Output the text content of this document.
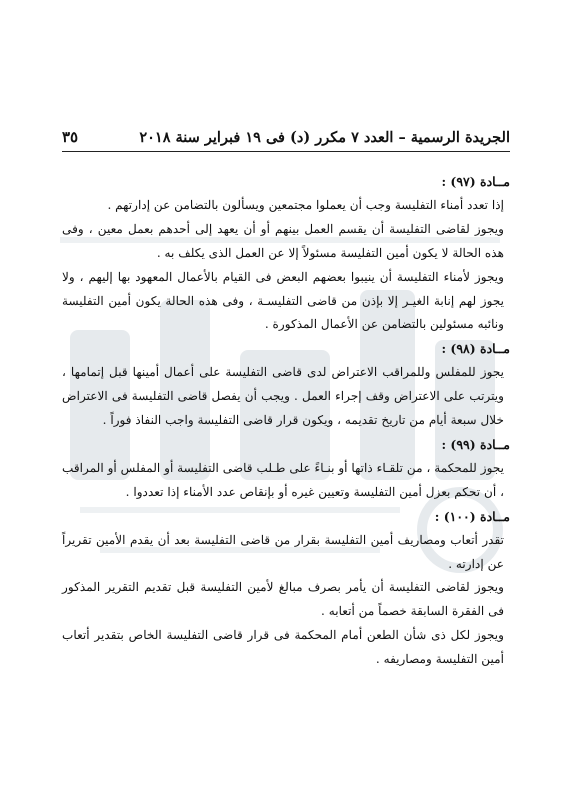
الجريدة الرسمية – العدد ٧ مكرر (د) فى ١٩ فبراير سنة ٢٠١٨
٣٥

مــادة (٩٧) :

إذا تعدد أمناء التفليسة وجب أن يعملوا مجتمعين ويسألون بالتضامن عن إدارتهم .

ويجوز لقاضى التفليسة أن يقسم العمل بينهم أو أن يعهد إلى أحدهم بعمل معين ، وفى هذه الحالة لا يكون أمين التفليسة مسئولاً إلا عن العمل الذى يكلف به .

ويجوز لأمناء التفليسة أن ينيبوا بعضهم البعض فى القيام بالأعمال المعهود بها إليهم ، ولا يجوز لهم إنابة الغيـر إلا بإذن من قاضى التفليسـة ، وفى هذه الحالة يكون أمين التفليسة ونائبه مسئولين بالتضامن عن الأعمال المذكورة .

مــادة (٩٨) :

يجوز للمفلس وللمراقب الاعتراض لدى قاضى التفليسة على أعمال أمينها قبل إتمامها ، ويترتب على الاعتراض وقف إجراء العمل . ويجب أن يفصل قاضى التفليسة فى الاعتراض خلال سبعة أيام من تاريخ تقديمه ، ويكون قرار قاضى التفليسة واجب النفاذ فوراً .

مــادة (٩٩) :

يجوز للمحكمة ، من تلقـاء ذاتها أو بنـاءً على طـلب قاضى التفليسة أو المفلس أو المراقب ، أن تحكم بعزل أمين التفليسة وتعيين غيره أو بإنقاص عدد الأمناء إذا تعددوا .

مــادة (١٠٠) :

تقدر أتعاب ومصاريف أمين التفليسة بقرار من قاضى التفليسة بعد أن يقدم الأمين تقريراً عن إدارته .

ويجوز لقاضى التفليسة أن يأمر بصرف مبالغ لأمين التفليسة قبل تقديم التقرير المذكور فى الفقرة السابقة خصماً من أتعابه .

ويجوز لكل ذى شأن الطعن أمام المحكمة فى قرار قاضى التفليسة الخاص بتقدير أتعاب أمين التفليسة ومصاريفه .
